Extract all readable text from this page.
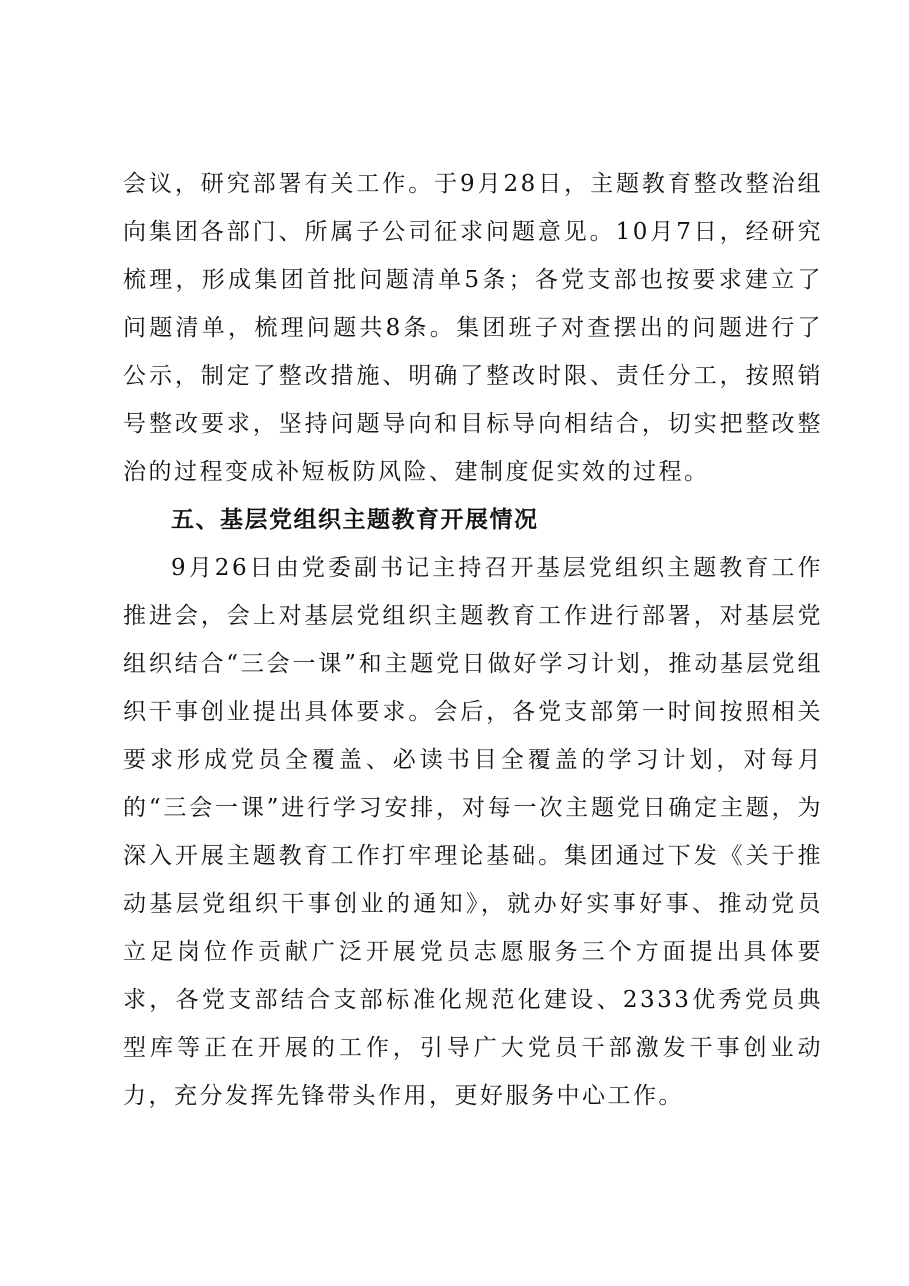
会议，研究部署有关工作。于9月28日，主题教育整改整治组向集团各部门、所属子公司征求问题意见。10月7日，经研究梳理，形成集团首批问题清单5条；各党支部也按要求建立了问题清单，梳理问题共8条。集团班子对查摆出的问题进行了公示，制定了整改措施、明确了整改时限、责任分工，按照销号整改要求，坚持问题导向和目标导向相结合，切实把整改整治的过程变成补短板防风险、建制度促实效的过程。

五、基层党组织主题教育开展情况

9月26日由党委副书记主持召开基层党组织主题教育工作推进会，会上对基层党组织主题教育工作进行部署，对基层党组织结合“三会一课”和主题党日做好学习计划，推动基层党组织干事创业提出具体要求。会后，各党支部第一时间按照相关要求形成党员全覆盖、必读书目全覆盖的学习计划，对每月的“三会一课”进行学习安排，对每一次主题党日确定主题，为深入开展主题教育工作打牢理论基础。集团通过下发《关于推动基层党组织干事创业的通知》，就办好实事好事、推动党员立足岗位作贡献广泛开展党员志愿服务三个方面提出具体要求，各党支部结合支部标准化规范化建设、2333优秀党员典型库等正在开展的工作，引导广大党员干部激发干事创业动力，充分发挥先锋带头作用，更好服务中心工作。
